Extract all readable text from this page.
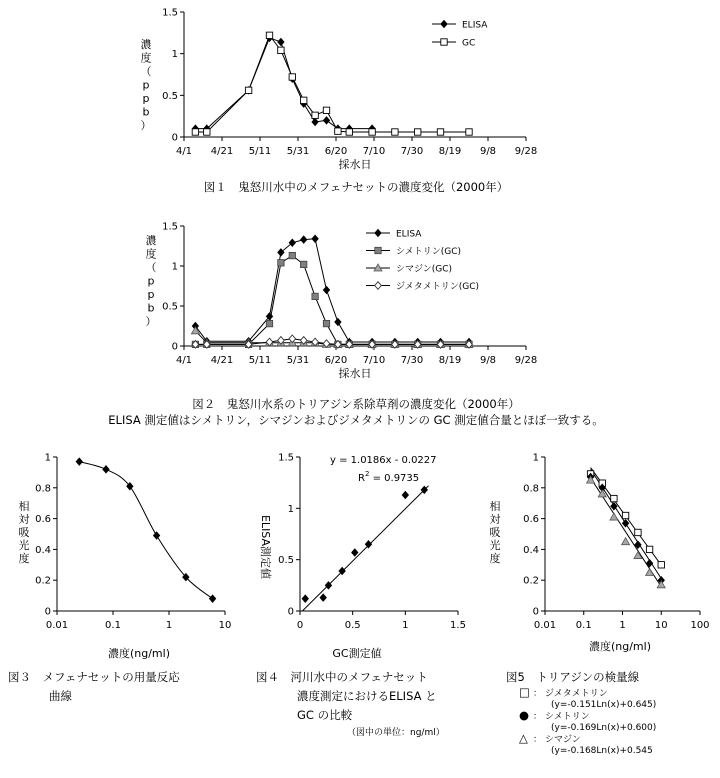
0
0.5
1
1.5
4/1 4/21 5/11 5/31 6/20 7/10 7/30 8/19 9/8 9/28
採水日
濃
度
（
p
p
b
）
ELISA
GC
図１　鬼怒川水中のメフェナセットの濃度変化（2000年）
0
0.5
1
1.5
4/1 4/21 5/11 5/31 6/20 7/10 7/30 8/19 9/8 9/28
採水日
濃
度
（
p
p
b
）
ELISA
シメトリン(GC)
シマジン(GC)
ジメタメトリン(GC)
図２　鬼怒川水系のトリアジン系除草剤の濃度変化（2000年）
ELISA 測定値はシメトリン，シマジンおよびジメタメトリンの GC 測定値合量とほぼ一致する。
0
0.2
0.4
0.6
0.8
1
0.01	0.1	1	10
濃度(ng/ml)
相
対
吸
光
度
図３　メフェナセットの用量反応
曲線
0
0.5
1
1.5
0	0.5	1	1.5
GC測定値
ELISA測定値
y = 1.0186x - 0.0227
$R^2 = 0.9735$
図４　河川水中のメフェナセット
濃度測定におけるELISA と
GC の比較
（図中の単位：ng/ml）
0
0.2
0.4
0.6
0.8
1
0.01 0.1	1	10 100
濃度(ng/ml)
相
対
吸
光
度
図5　トリアジンの検量線
□ ： ジメタメトリン
(y=-0.151Ln(x)+0.645)
● ： シメトリン
(y=-0.169Ln(x)+0.600)
△ ： シマジン
(y=-0.168Ln(x)+0.545
